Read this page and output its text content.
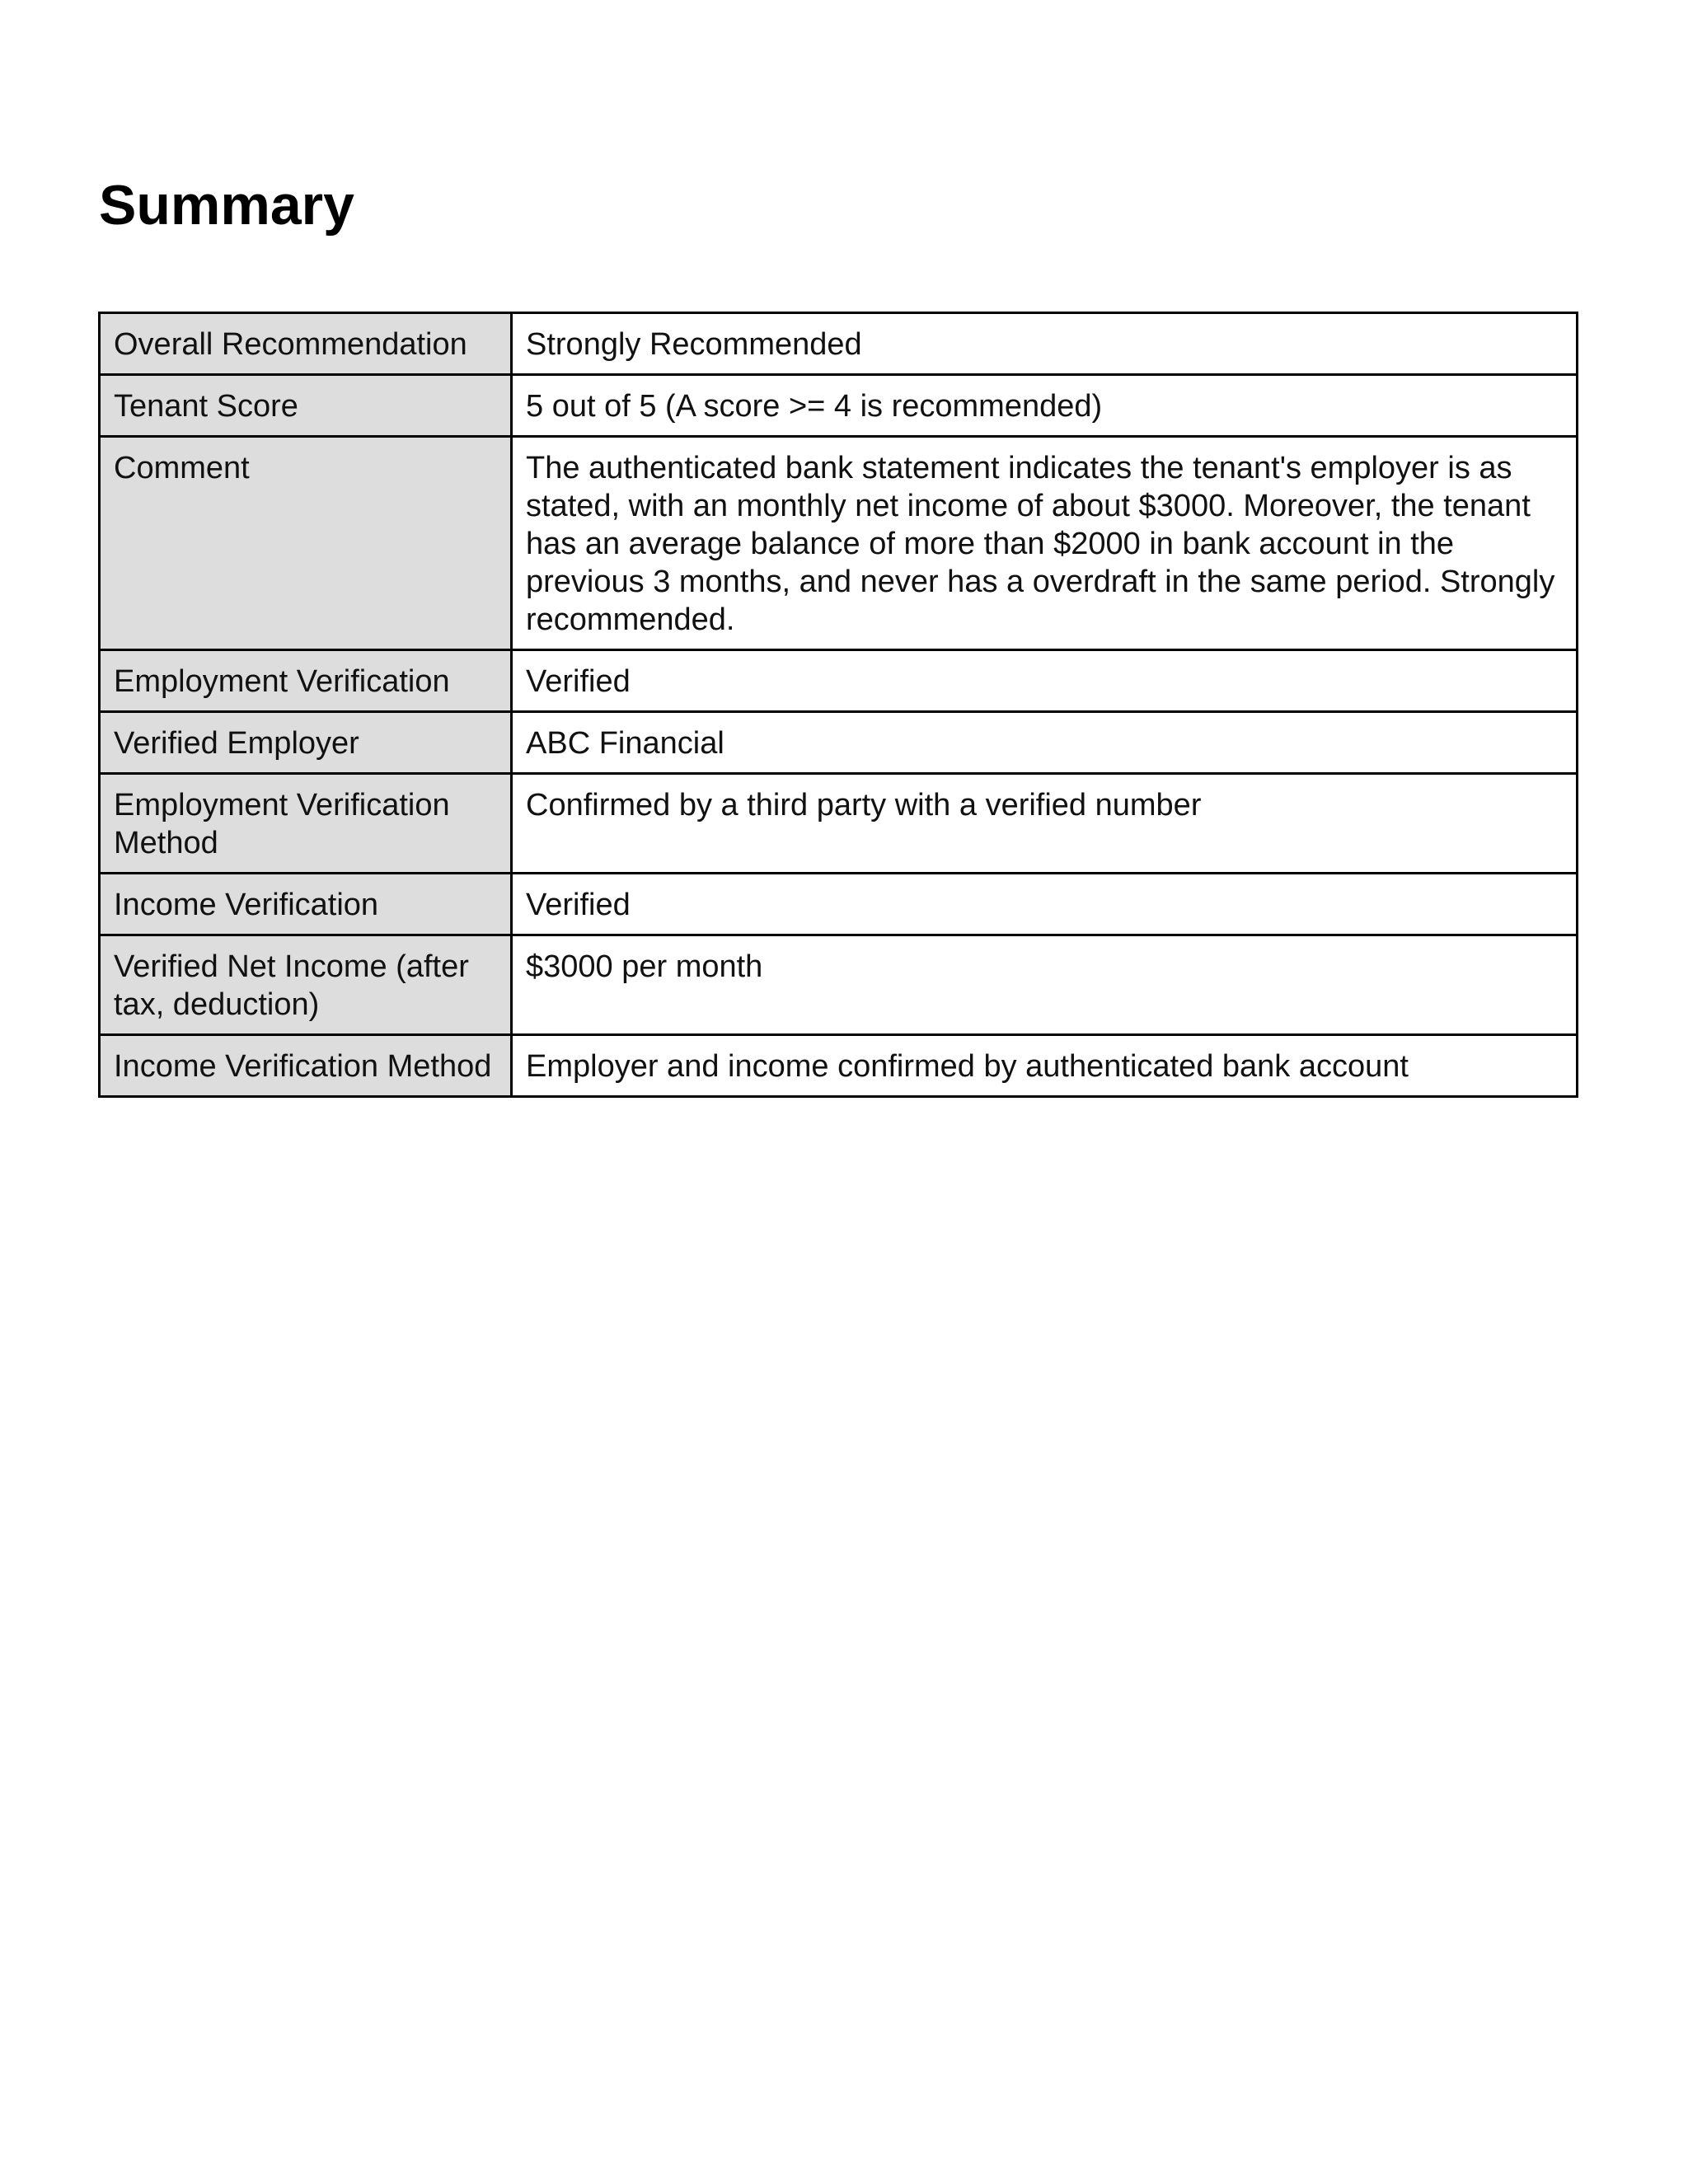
Summary
Overall Recommendation	Strongly Recommended
Tenant Score	5 out of 5 (A score >= 4 is recommended)
Comment	The authenticated bank statement indicates the tenant's employer is as stated, with an monthly net income of about $3000. Moreover, the tenant has an average balance of more than $2000 in bank account in the previous 3 months, and never has a overdraft in the same period. Strongly recommended.
Employment Verification	Verified
Verified Employer	ABC Financial
Employment Verification Method	Confirmed by a third party with a verified number
Income Verification	Verified
Verified Net Income (after tax, deduction)	$3000 per month
Income Verification Method	Employer and income confirmed by authenticated bank account
